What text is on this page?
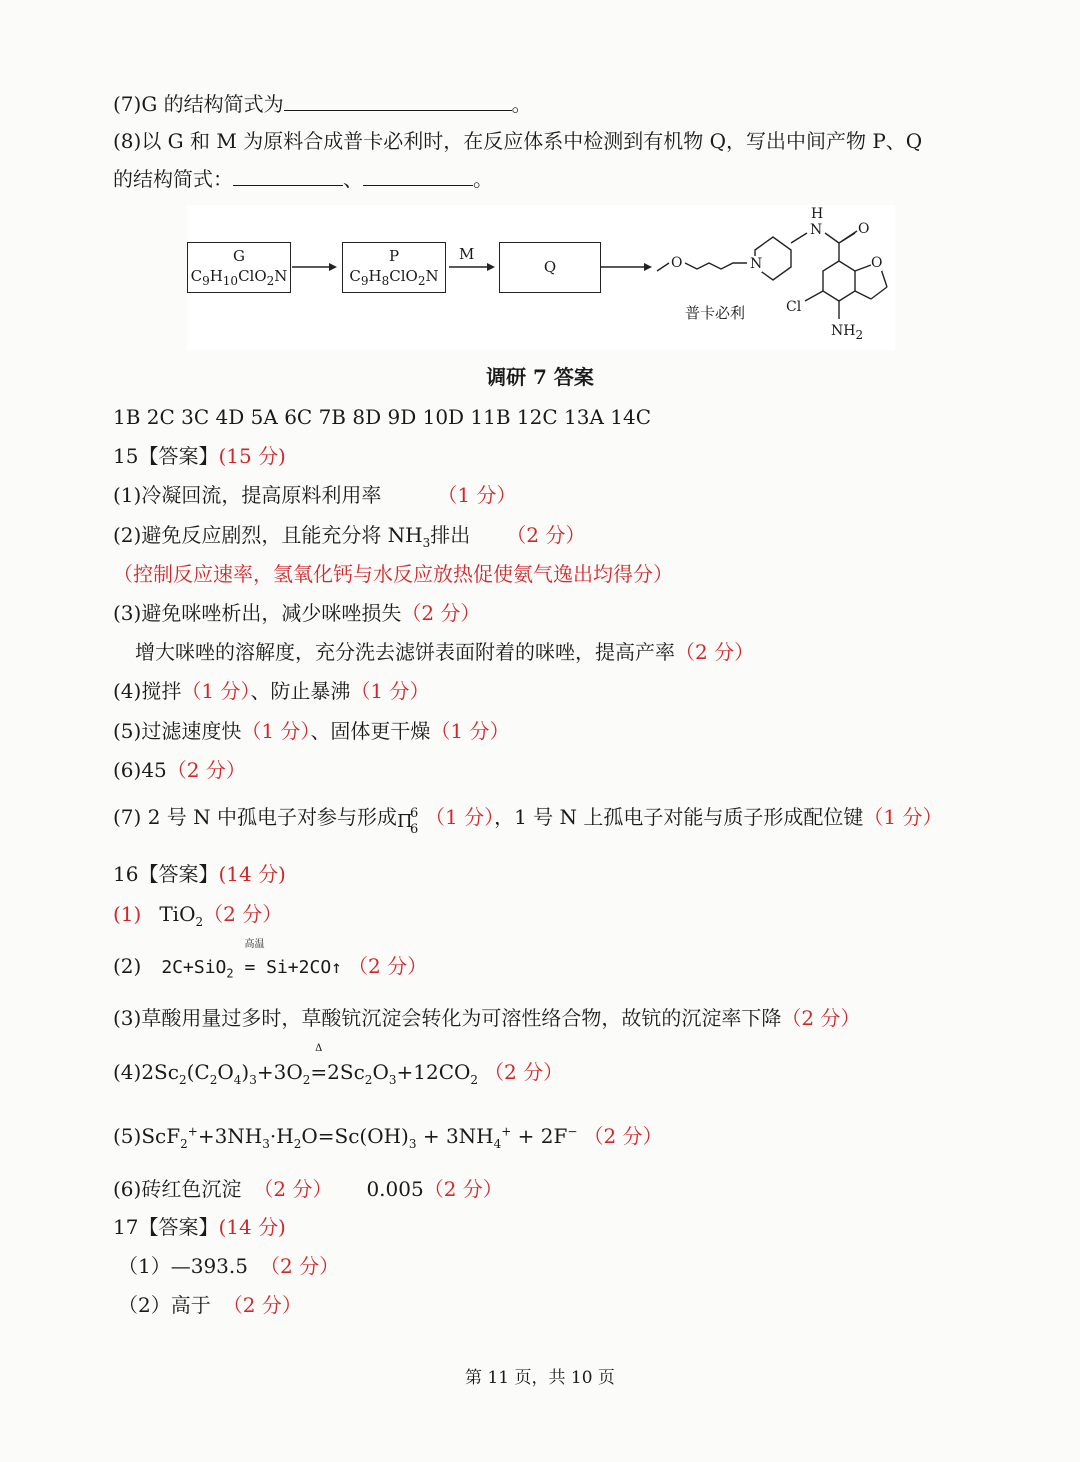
(7)G 的结构简式为	。
(8)以 G 和 M 为原料合成普卡必利时，在反应体系中检测到有机物 Q，写出中间产物 P、Q
的结构简式：	、	。
G
$C_9H_{10}ClO_2N$
P
$C_9H_8ClO_2N$
M
Q	O	N
H
N	O
O
Cl
$NH_2$
普卡必利
调研 7 答案
1B 2C 3C 4D 5A 6C 7B 8D 9D 10D 11B 12C 13A 14C
15【答案】(15 分)
(1)冷凝回流，提高原料利用率	（1 分）
(2)避免反应剧烈，且能充分将 $NH_3$排出 （2 分）
（控制反应速率，氢氧化钙与水反应放热促使氨气逸出均得分）
(3)避免咪唑析出，减少咪唑损失（2 分）
增大咪唑的溶解度，充分洗去滤饼表面附着的咪唑，提高产率（2 分）
(4)搅拌（1 分）、防止暴沸（1 分）
(5)过滤速度快（1 分）、固体更干燥（1 分）
(6)45（2 分）
(7) 2 号 N 中孤电子对参与形成 Π
6
6
（1 分），1 号 N 上孤电子对能与质子形成配位键（1 分）
16【答案】(14 分)
(1) TiO$_2$（2 分）
(2) 2C+SiO$_2$
高温
= Si+2CO↑ （2 分）
(3)草酸用量过多时，草酸钪沉淀会转化为可溶性络合物，故钪的沉淀率下降（2 分）
$(4)2Sc_2(C_2O_4)_3+3O_2$
Δ
$=2Sc_2O_3+12CO_2$ （2 分）
$(5)ScF_2^++3NH_3\cdot H_2O=Sc(OH)_3 + 3NH_4^+ + 2F^-$ （2 分）
(6)砖红色沉淀 （2 分） 0.005（2 分）
17【答案】(14 分)
（1）—393.5 （2 分）
（2）高于 （2 分）
第 11 页，共 10 页
